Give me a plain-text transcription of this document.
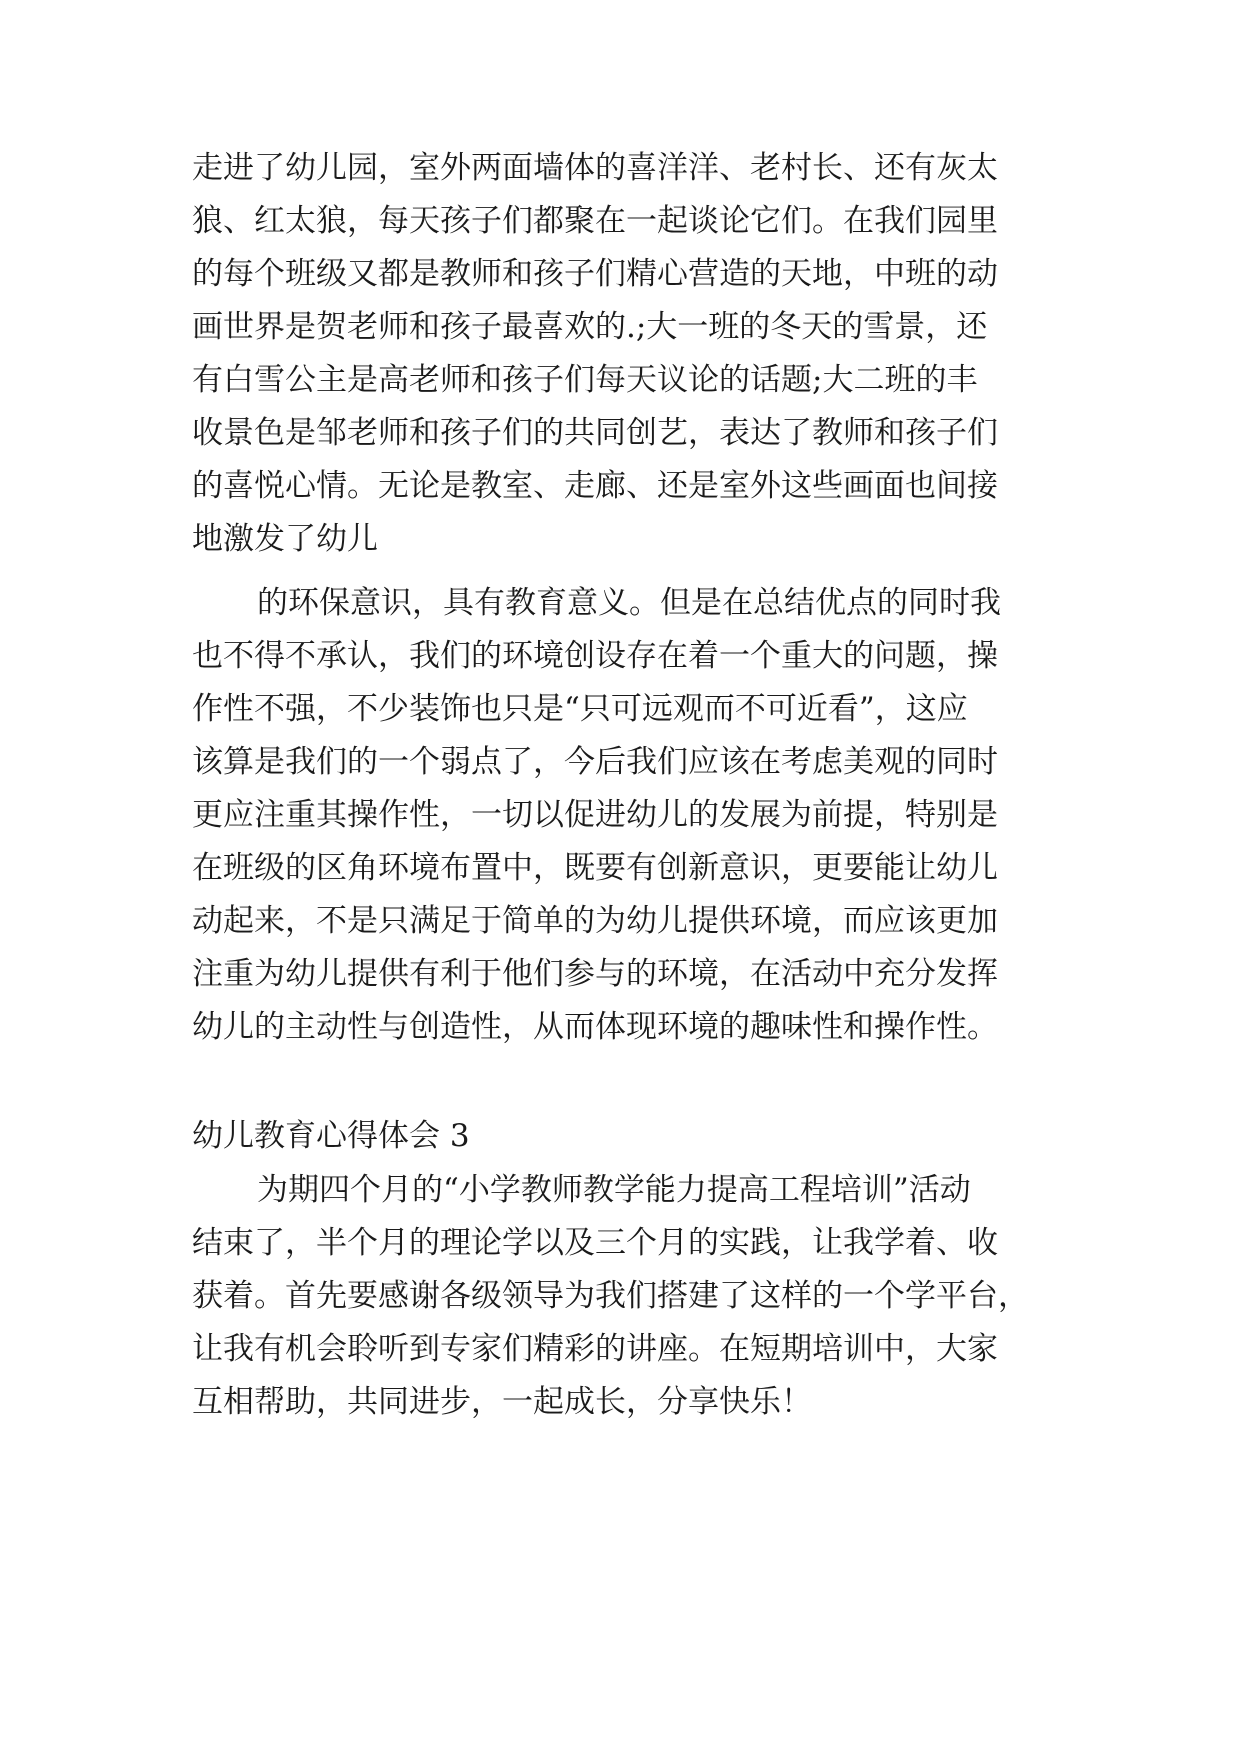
走进了幼儿园，室外两面墙体的喜洋洋、老村长、还有灰太
狼、红太狼，每天孩子们都聚在一起谈论它们。在我们园里
的每个班级又都是教师和孩子们精心营造的天地，中班的动
画世界是贺老师和孩子最喜欢的.;大一班的冬天的雪景，还
有白雪公主是高老师和孩子们每天议论的话题;大二班的丰
收景色是邹老师和孩子们的共同创艺，表达了教师和孩子们
的喜悦心情。无论是教室、走廊、还是室外这些画面也间接
地激发了幼儿
的环保意识，具有教育意义。但是在总结优点的同时我
也不得不承认，我们的环境创设存在着一个重大的问题，操
作性不强，不少装饰也只是“只可远观而不可近看”，这应
该算是我们的一个弱点了，今后我们应该在考虑美观的同时
更应注重其操作性，一切以促进幼儿的发展为前提，特别是
在班级的区角环境布置中，既要有创新意识，更要能让幼儿
动起来，不是只满足于简单的为幼儿提供环境，而应该更加
注重为幼儿提供有利于他们参与的环境，在活动中充分发挥
幼儿的主动性与创造性，从而体现环境的趣味性和操作性。
幼儿教育心得体会 3
为期四个月的“小学教师教学能力提高工程培训”活动
结束了，半个月的理论学以及三个月的实践，让我学着、收
获着。首先要感谢各级领导为我们搭建了这样的一个学平台，
让我有机会聆听到专家们精彩的讲座。在短期培训中，大家
互相帮助，共同进步，一起成长，分享快乐！
